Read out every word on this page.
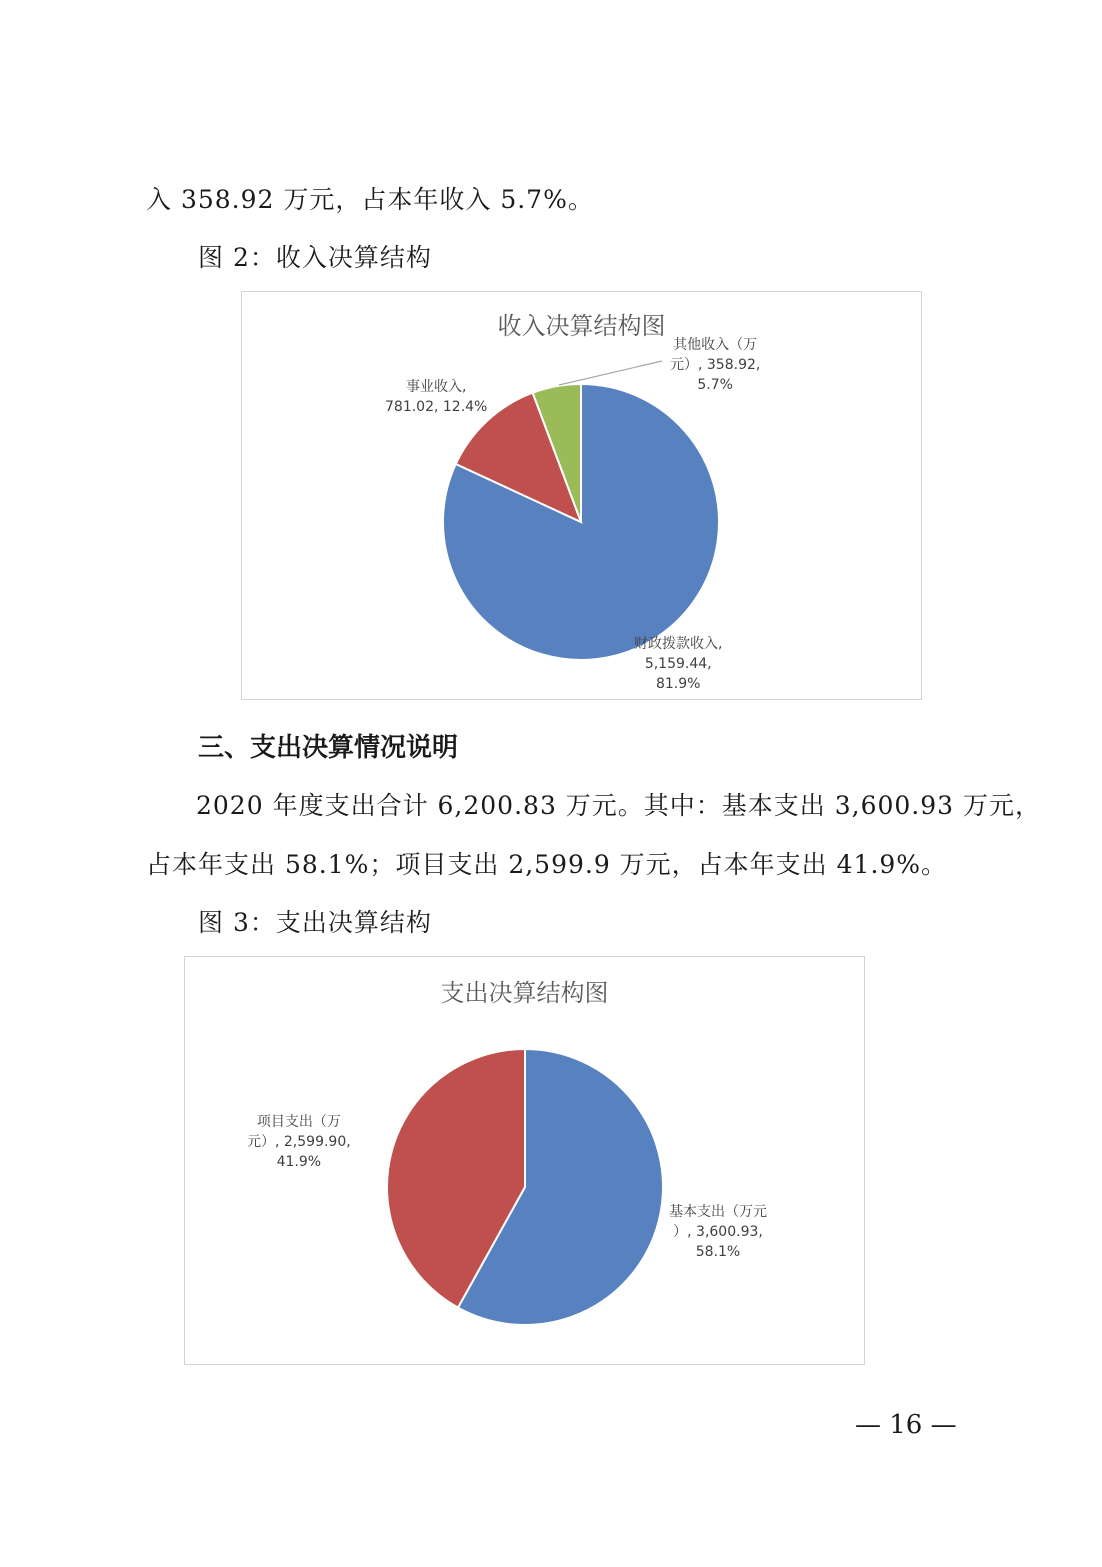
入 358.92 万元，占本年收入 5.7%。
图 2：收入决算结构
收入决算结构图
财政拨款收入,
5,159.44,
81.9%
事业收入,
781.02, 12.4%
其他收入（万
元）, 358.92,
5.7%
三、支出决算情况说明
2020 年度支出合计 6,200.83 万元。其中：基本支出 3,600.93 万元，
占本年支出 58.1%；项目支出 2,599.9 万元，占本年支出 41.9%。
图 3：支出决算结构
支出决算结构图
基本支出（万元
）, 3,600.93,
58.1%
项目支出（万
元）, 2,599.90,
41.9%
— 16 —
